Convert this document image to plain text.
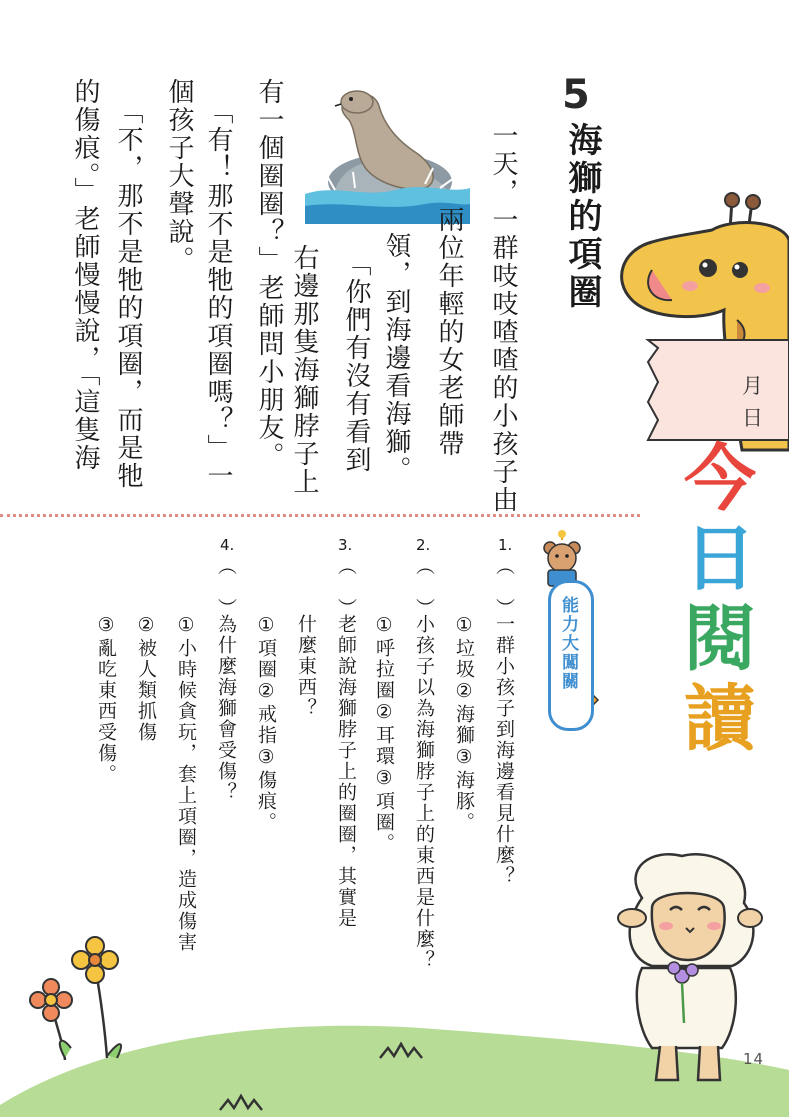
月
日
今日閱讀
5
海獅的項圈
一天，一群吱吱喳喳的小孩子由
兩位年輕的女老師帶
領，到海邊看海獅。
「你們有沒有看到
右邊那隻海獅脖子上
有一個圈圈？」老師問小朋友。
「有！那不是牠的項圈嗎？」一
個孩子大聲說。
「不，那不是牠的項圈，而是牠
的傷痕。」老師慢慢說，「這隻海
能力大闖關
1.
（　）
一群小孩子到海邊看見什麼？
①垃圾②海獅③海豚。
2.
（　）
小孩子以為海獅脖子上的東西是什麼？
①呼拉圈②耳環③項圈。
3.
（　）
老師說海獅脖子上的圈圈，其實是
什麼東西？
①項圈②戒指③傷痕。
4.
（　）
為什麼海獅會受傷？
①小時候貪玩，套上項圈，造成傷害
②被人類抓傷
③亂吃東西受傷。
14
